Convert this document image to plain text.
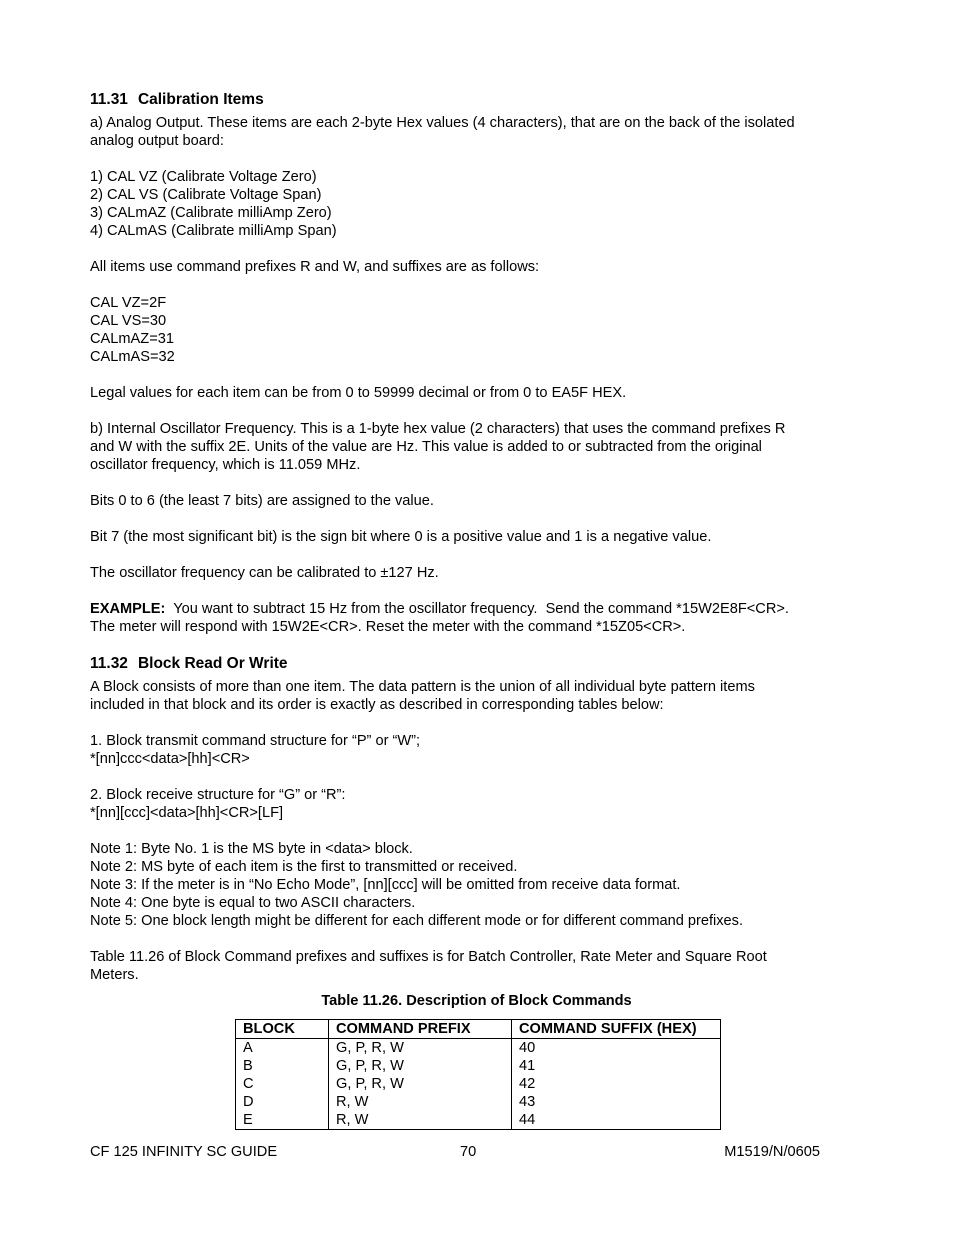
11.31 Calibration Items

a) Analog Output. These items are each 2-byte Hex values (4 characters), that are on the back of the isolated
analog output board:

1) CAL VZ (Calibrate Voltage Zero)

2) CAL VS (Calibrate Voltage Span)

3) CALmAZ (Calibrate milliAmp Zero)

4) CALmAS (Calibrate milliAmp Span)

All items use command prefixes R and W, and suffixes are as follows:

CAL VZ=2F

CAL VS=30

CALmAZ=31

CALmAS=32

Legal values for each item can be from 0 to 59999 decimal or from 0 to EA5F HEX.

b) Internal Oscillator Frequency. This is a 1-byte hex value (2 characters) that uses the command prefixes R
and W with the suffix 2E. Units of the value are Hz. This value is added to or subtracted from the original
oscillator frequency, which is 11.059 MHz.

Bits 0 to 6 (the least 7 bits) are assigned to the value.

Bit 7 (the most significant bit) is the sign bit where 0 is a positive value and 1 is a negative value.

The oscillator frequency can be calibrated to ±127 Hz.

EXAMPLE:  You want to subtract 15 Hz from the oscillator frequency.  Send the command *15W2E8F<CR>.
The meter will respond with 15W2E<CR>. Reset the meter with the command *15Z05<CR>.

11.32 Block Read Or Write

A Block consists of more than one item. The data pattern is the union of all individual byte pattern items
included in that block and its order is exactly as described in corresponding tables below:

1. Block transmit command structure for “P” or “W”;

*[nn]ccc<data>[hh]<CR>

2. Block receive structure for “G” or “R”:

*[nn][ccc]<data>[hh]<CR>[LF]

Note 1: Byte No. 1 is the MS byte in <data> block.

Note 2: MS byte of each item is the first to transmitted or received.

Note 3: If the meter is in “No Echo Mode”, [nn][ccc] will be omitted from receive data format.

Note 4: One byte is equal to two ASCII characters.

Note 5: One block length might be different for each different mode or for different command prefixes.

Table 11.26 of Block Command prefixes and suffixes is for Batch Controller, Rate Meter and Square Root
Meters.

Table 11.26. Description of Block Commands

BLOCK	COMMAND PREFIX	COMMAND SUFFIX (HEX)
A	G, P, R, W	40
B	G, P, R, W	41
C	G, P, R, W	42
D	R, W	43
E	R, W	44
CF 125 INFINITY SC GUIDE	70	M1519/N/0605
